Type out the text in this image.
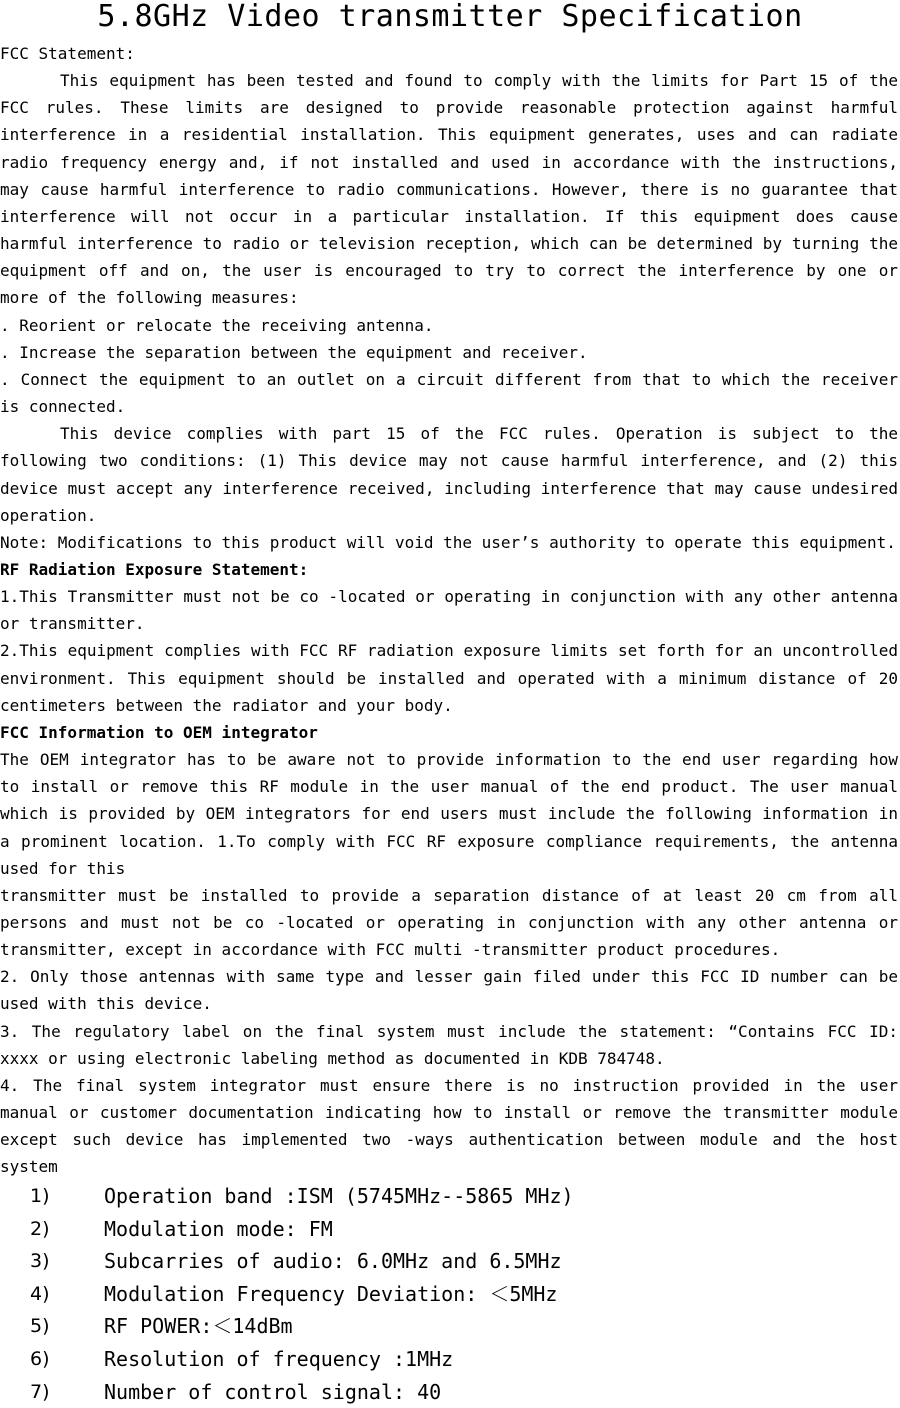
5.8GHz Video transmitter Specification

FCC Statement:

This equipment has been tested and found to comply with the limits for Part 15 of the FCC rules. These limits are designed to provide reasonable protection against harmful interference in a residential installation. This equipment generates, uses and can radiate radio frequency energy and, if not installed and used in accordance with the instructions, may cause harmful interference to radio communications. However, there is no guarantee that interference will not occur in a particular installation. If this equipment does cause harmful interference to radio or television reception, which can be determined by turning the equipment off and on, the user is encouraged to try to correct the interference by one or more of the following measures:

. Reorient or relocate the receiving antenna.

. Increase the separation between the equipment and receiver.

. Connect the equipment to an outlet on a circuit different from that to which the receiver is connected.

This device complies with part 15 of the FCC rules. Operation is subject to the following two conditions: (1) This device may not cause harmful interference, and (2) this device must accept any interference received, including interference that may cause undesired operation.

Note: Modifications to this product will void the user’s authority to operate this equipment.

RF Radiation Exposure Statement:

1.This Transmitter must not be co -located or operating in conjunction with any other antenna or transmitter.

2.This equipment complies with FCC RF radiation exposure limits set forth for an uncontrolled environment. This equipment should be installed and operated with a minimum distance of 20 centimeters between the radiator and your body.

FCC Information to OEM integrator

The OEM integrator has to be aware not to provide information to the end user regarding how to install or remove this RF module in the user manual of the end product. The user manual which is provided by OEM integrators for end users must include the following information in a prominent location. 1.To comply with FCC RF exposure compliance requirements, the antenna used for this

transmitter must be installed to provide a separation distance of at least 20 cm from all persons and must not be co -located or operating in conjunction with any other antenna or transmitter, except in accordance with FCC multi -transmitter product procedures.

2. Only those antennas with same type and lesser gain filed under this FCC ID number can be used with this device.

3. The regulatory label on the final system must include the statement: “Contains FCC ID: xxxx or using electronic labeling method as documented in KDB 784748.

4. The final system integrator must ensure there is no instruction provided in the user manual or customer documentation indicating how to install or remove the transmitter module except such device has implemented two -ways authentication between module and the host system

1)	Operation band :ISM (5745MHz--5865 MHz)
2)	Modulation mode: FM
3)	Subcarries of audio: 6.0MHz and 6.5MHz
4)	Modulation Frequency Deviation: ＜5MHz
5)	RF POWER:＜14dBm
6)	Resolution of frequency :1MHz
7)	Number of control signal: 40
